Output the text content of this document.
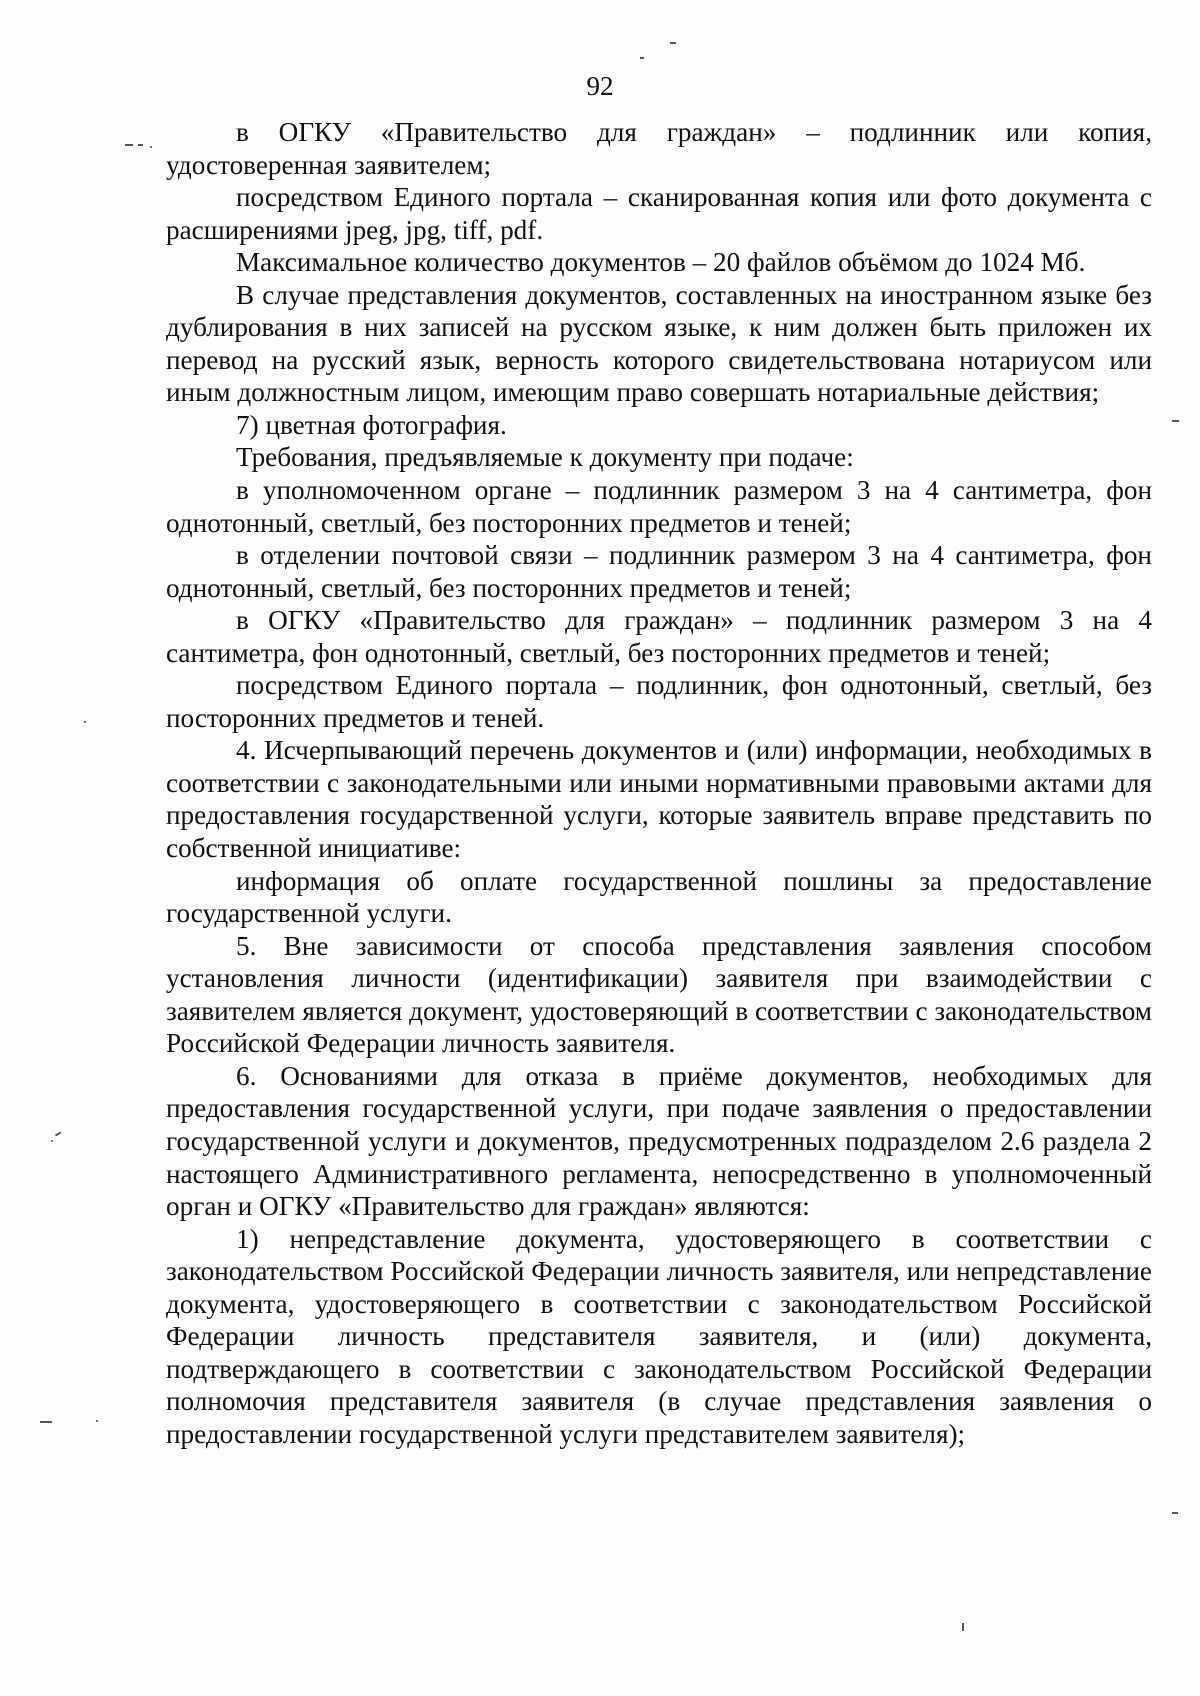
92

в ОГКУ «Правительство для граждан» – подлинник или копия, удостоверенная заявителем;

посредством Единого портала – сканированная копия или фото документа с расширениями jpeg, jpg, tiff, pdf.

Максимальное количество документов – 20 файлов объёмом до 1024 Мб.

В случае представления документов, составленных на иностранном языке без дублирования в них записей на русском языке, к ним должен быть приложен их перевод на русский язык, верность которого свидетельствована нотариусом или иным должностным лицом, имеющим право совершать нотариальные действия;

7) цветная фотография.

Требования, предъявляемые к документу при подаче:

в уполномоченном органе – подлинник размером 3 на 4 сантиметра, фон однотонный, светлый, без посторонних предметов и теней;

в отделении почтовой связи – подлинник размером 3 на 4 сантиметра, фон однотонный, светлый, без посторонних предметов и теней;

в ОГКУ «Правительство для граждан» – подлинник размером 3 на 4 сантиметра, фон однотонный, светлый, без посторонних предметов и теней;

посредством Единого портала – подлинник, фон однотонный, светлый, без посторонних предметов и теней.

4. Исчерпывающий перечень документов и (или) информации, необходимых в соответствии с законодательными или иными нормативными правовыми актами для предоставления государственной услуги, которые заявитель вправе представить по собственной инициативе:

информация об оплате государственной пошлины за предоставление государственной услуги.

5. Вне зависимости от способа представления заявления способом установления личности (идентификации) заявителя при взаимодействии с заявителем является документ, удостоверяющий в соответствии с законодательством Российской Федерации личность заявителя.

6. Основаниями для отказа в приёме документов, необходимых для предоставления государственной услуги, при подаче заявления о предоставлении государственной услуги и документов, предусмотренных подразделом 2.6 раздела 2 настоящего Административного регламента, непосредственно в уполномоченный орган и ОГКУ «Правительство для граждан» являются:

1) непредставление документа, удостоверяющего в соответствии с законодательством Российской Федерации личность заявителя, или непредставление документа, удостоверяющего в соответствии с законодательством Российской Федерации личность представителя заявителя, и (или) документа, подтверждающего в соответствии с законодательством Российской Федерации полномочия представителя заявителя (в случае представления заявления о предоставлении государственной услуги представителем заявителя);
